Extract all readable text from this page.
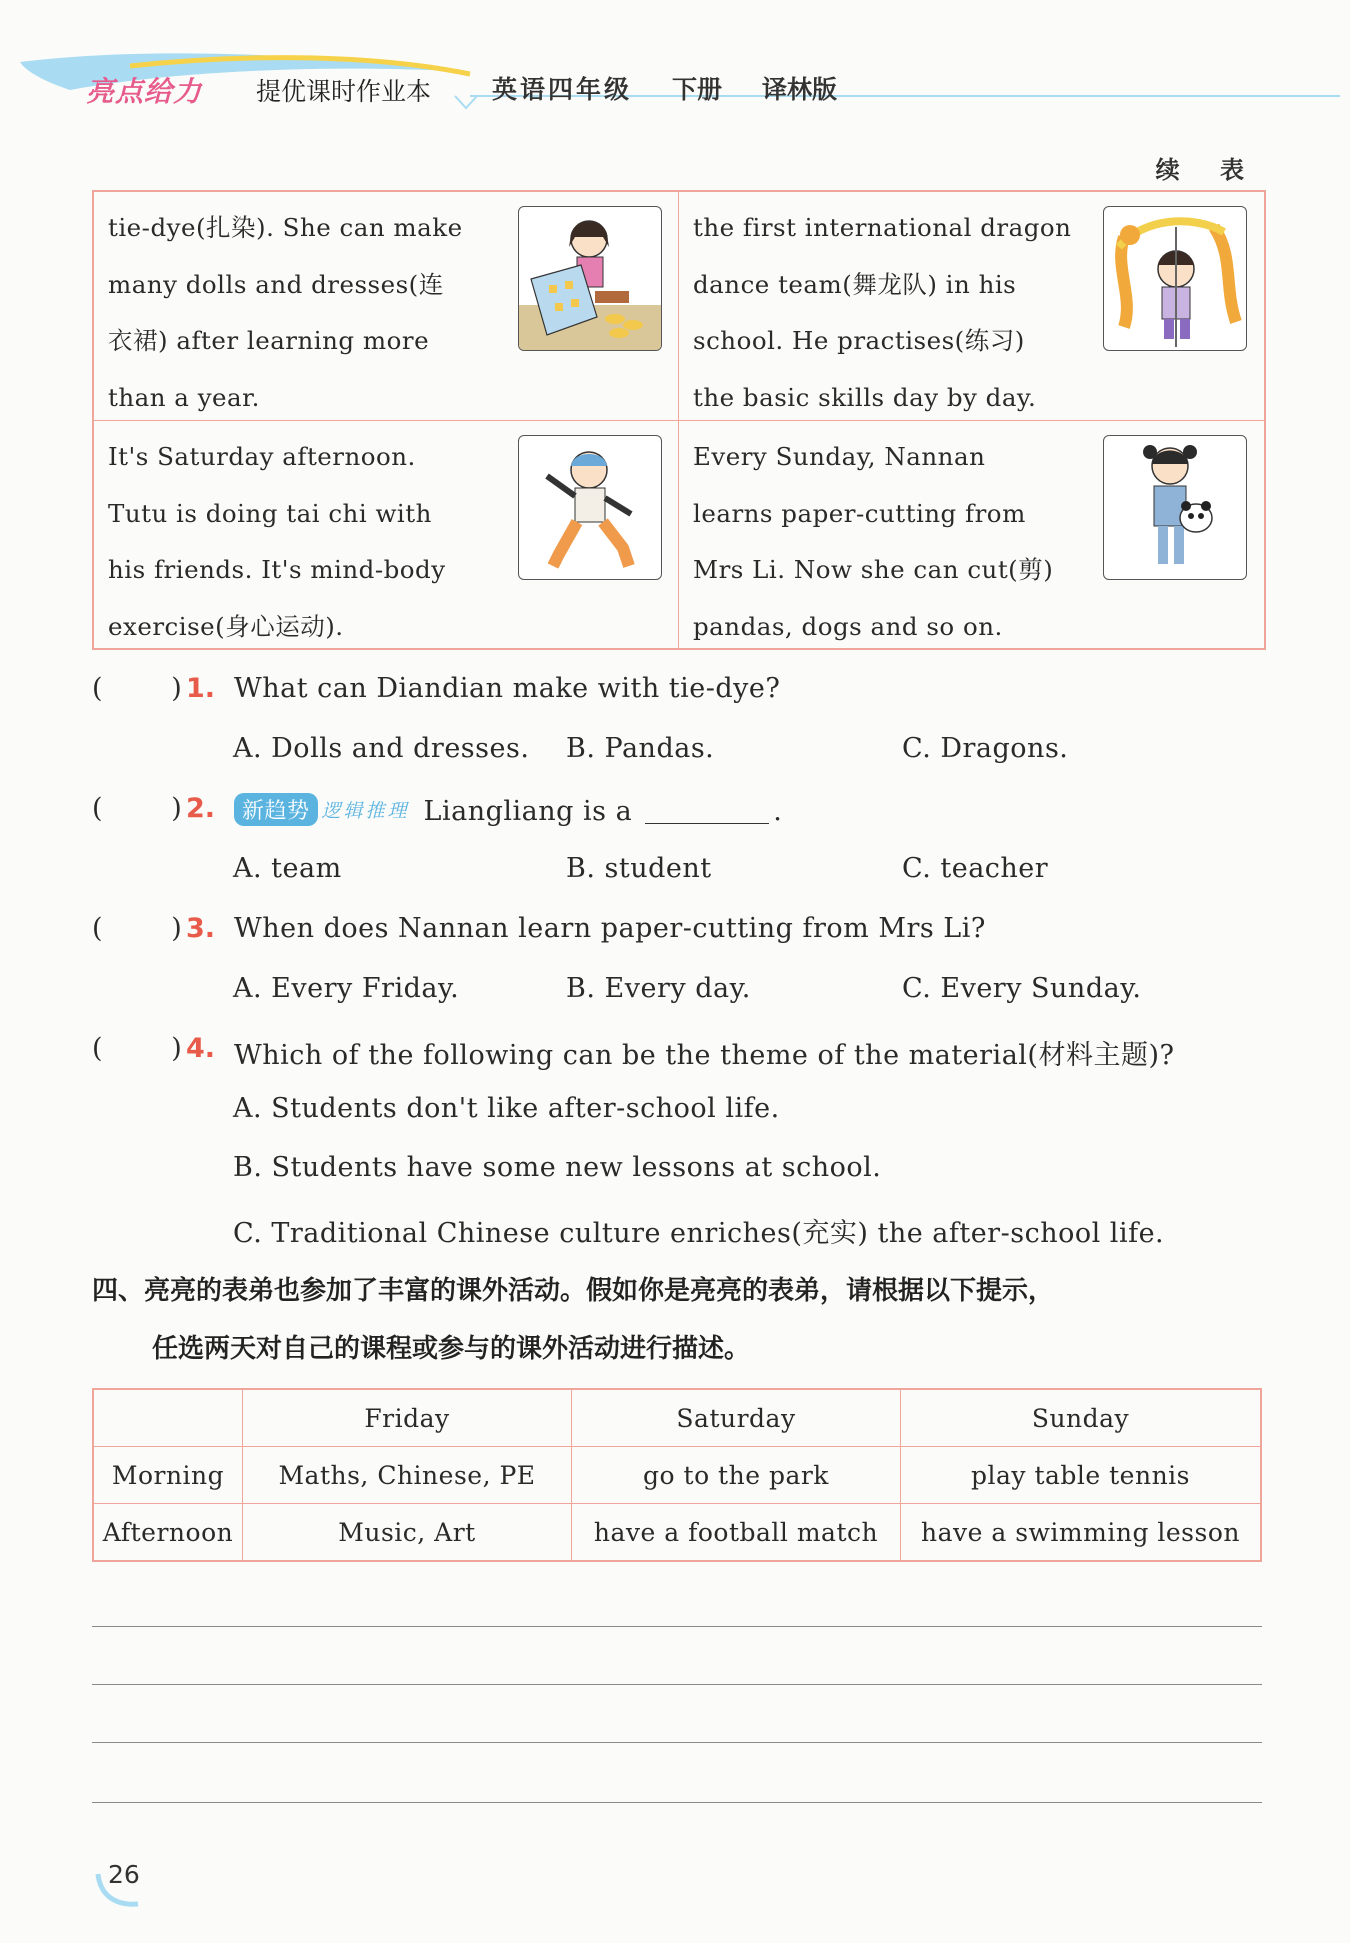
亮点给力 提优课时作业本 英语四年级 下册 译林版
续 表
tie-dye(扎染). She can make
many dolls and dresses(连
衣裙) after learning more
than a year.
the first international dragon
dance team(舞龙队) in his
school. He practises(练习)
the basic skills day by day.
It's Saturday afternoon.
Tutu is doing tai chi with
his friends. It's mind-body
exercise(身心运动).
Every Sunday, Nannan
learns paper-cutting from
Mrs Li. Now she can cut(剪)
pandas, dogs and so on.
(        ) 1. What can Diandian make with tie-dye?
A. Dolls and dresses. B. Pandas.	C. Dragons.
(        ) 2.	新趋势 逻辑推理 Liangliang is a	.
A. team	B. student	C. teacher
(        ) 3. When does Nannan learn paper-cutting from Mrs Li?
A. Every Friday.	B. Every day.	C. Every Sunday.
(        ) 4. Which of the following can be the theme of the material(材料主题)?
A. Students don't like after-school life.
B. Students have some new lessons at school.
C. Traditional Chinese culture enriches(充实) the after-school life.
四、亮亮的表弟也参加了丰富的课外活动。假如你是亮亮的表弟，请根据以下提示，
任选两天对自己的课程或参与的课外活动进行描述。
	Friday	Saturday	Sunday
Morning	Maths, Chinese, PE	go to the park	play table tennis
Afternoon	Music, Art	have a football match	have a swimming lesson
26
